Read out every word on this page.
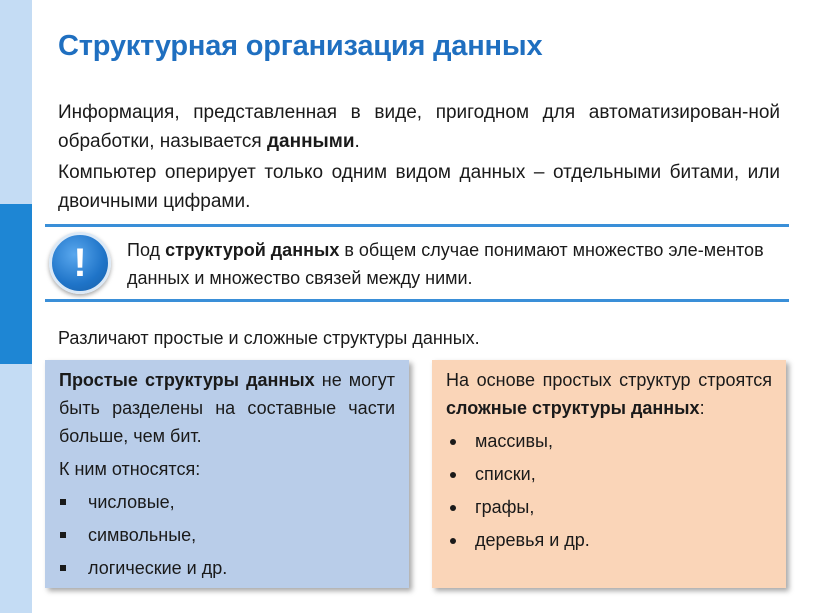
Структурная организация данных
Информация, представленная в виде, пригодном для автоматизирован-ной обработки, называется данными.
Компьютер оперирует только одним видом данных – отдельными битами, или двоичными цифрами.
!	Под структурой данных в общем случае понимают множество эле-ментов данных и множество связей между ними.
Различают простые и сложные структуры данных.
Простые структуры данных не могут быть разделены на составные части больше, чем бит.
К ним относятся:
числовые,
символьные,
логические и др.
На основе простых структур строятся сложные структуры данных:
массивы,
списки,
графы,
деревья и др.
